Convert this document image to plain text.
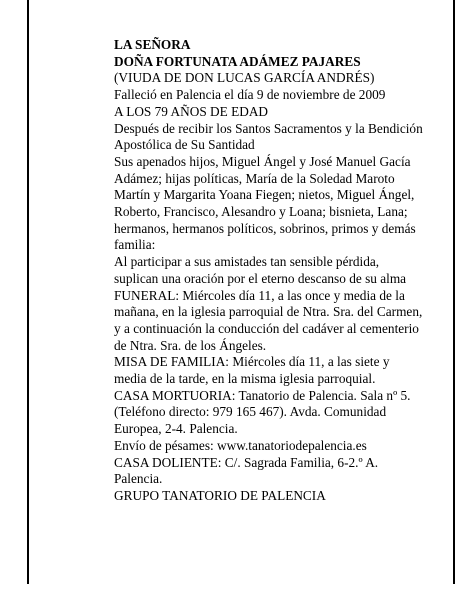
LA SEÑORA

DOÑA FORTUNATA ADÁMEZ PAJARES

(VIUDA DE DON LUCAS GARCÍA ANDRÉS)

Falleció en Palencia el día 9 de noviembre de 2009

A LOS 79 AÑOS DE EDAD

Después de recibir los Santos Sacramentos y la Bendición Apostólica de Su Santidad

Sus apenados hijos, Miguel Ángel y José Manuel Gacía Adámez; hijas políticas, María de la Soledad Maroto Martín y Margarita Yoana Fiegen; nietos, Miguel Ángel, Roberto, Francisco, Alesandro y Loana; bisnieta, Lana; hermanos, hermanos políticos, sobrinos, primos y demás familia:

Al participar a sus amistades tan sensible pérdida, suplican una oración por el eterno descanso de su alma

FUNERAL: Miércoles día 11, a las once y media de la mañana, en la iglesia parroquial de Ntra. Sra. del Carmen, y a continuación la conducción del cadáver al cementerio de Ntra. Sra. de los Ángeles.

MISA DE FAMILIA: Miércoles día 11, a las siete y media de la tarde, en la misma iglesia parroquial.

CASA MORTUORIA: Tanatorio de Palencia. Sala nº 5. (Teléfono directo: 979 165 467). Avda. Comunidad Europea, 2-4. Palencia.

Envío de pésames: www.tanatoriodepalencia.es

CASA DOLIENTE: C/. Sagrada Familia, 6-2.º A. Palencia.

GRUPO TANATORIO DE PALENCIA
